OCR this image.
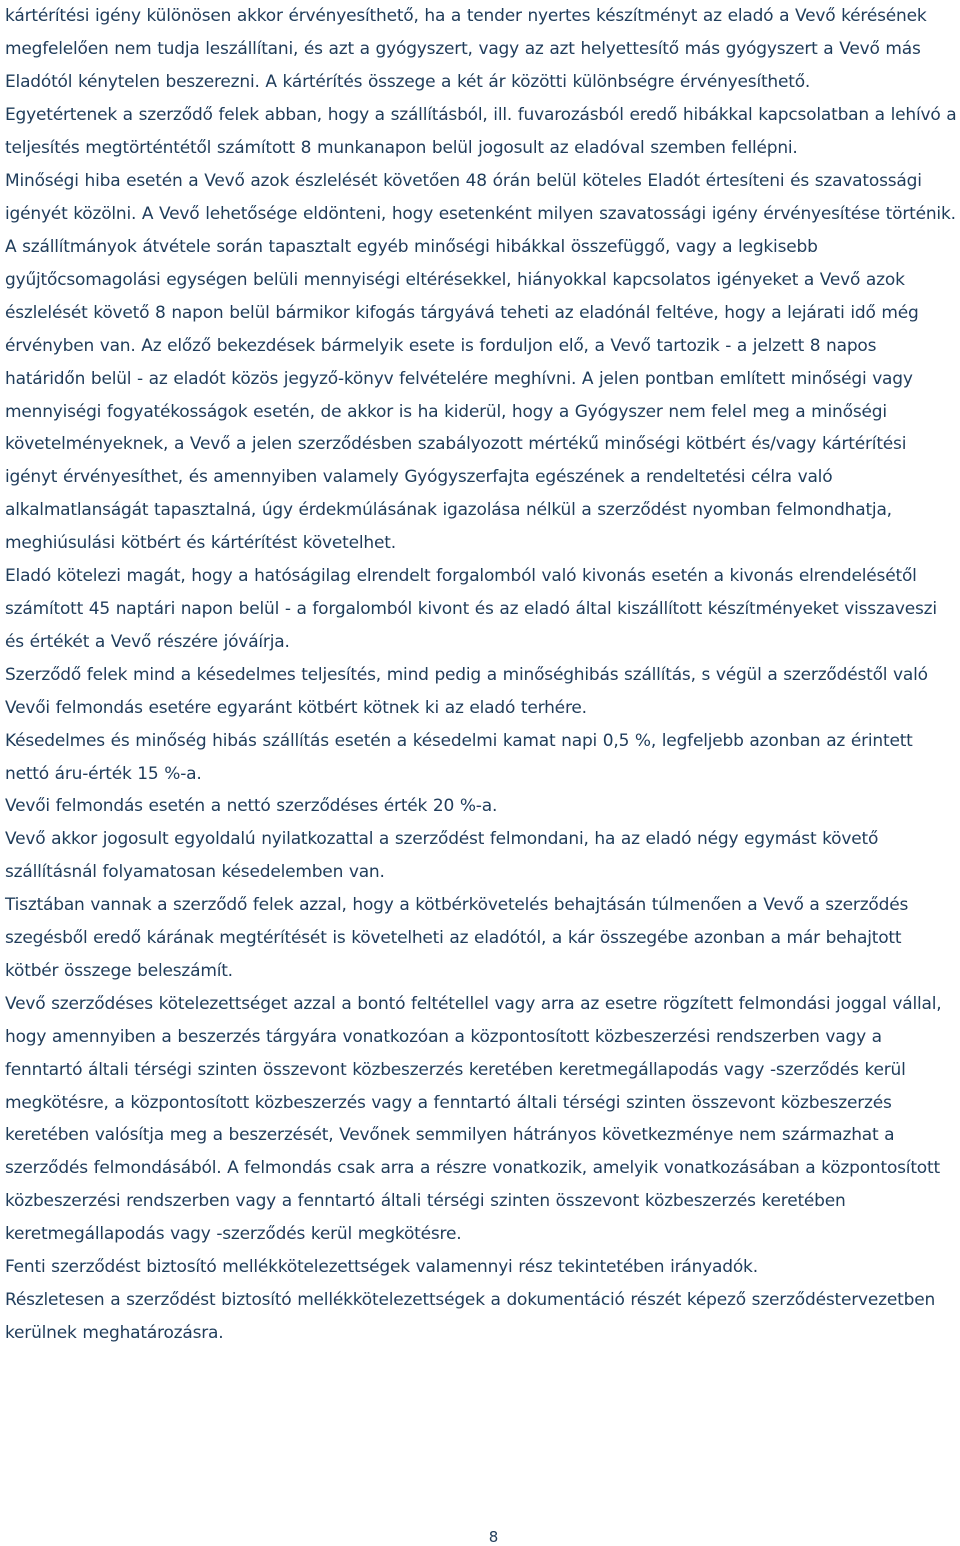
kártérítési igény különösen akkor érvényesíthető, ha a tender nyertes készítményt az eladó a Vevő kérésének megfelelően nem tudja leszállítani, és azt a gyógyszert, vagy az azt helyettesítő más gyógyszert a Vevő más Eladótól kénytelen beszerezni. A kártérítés összege a két ár közötti különbségre érvényesíthető.

Egyetértenek a szerződő felek abban, hogy a szállításból, ill. fuvarozásból eredő hibákkal kapcsolatban a lehívó a teljesítés megtörténtétől számított 8 munkanapon belül jogosult az eladóval szemben fellépni.

Minőségi hiba esetén a Vevő azok észlelését követően 48 órán belül köteles Eladót értesíteni és szavatossági igényét közölni. A Vevő lehetősége eldönteni, hogy esetenként milyen szavatossági igény érvényesítése történik.

A szállítmányok átvétele során tapasztalt egyéb minőségi hibákkal összefüggő, vagy a legkisebb gyűjtőcsomagolási egységen belüli mennyiségi eltérésekkel, hiányokkal kapcsolatos igényeket a Vevő azok észlelését követő 8 napon belül bármikor kifogás tárgyává teheti az eladónál feltéve, hogy a lejárati idő még érvényben van. Az előző bekezdések bármelyik esete is forduljon elő, a Vevő tartozik - a jelzett 8 napos határidőn belül - az eladót közös jegyző-könyv felvételére meghívni. A jelen pontban említett minőségi vagy mennyiségi fogyatékosságok esetén, de akkor is ha kiderül, hogy a Gyógyszer nem felel meg a minőségi követelményeknek, a Vevő a jelen szerződésben szabályozott mértékű minőségi kötbért és/vagy kártérítési igényt érvényesíthet, és amennyiben valamely Gyógyszerfajta egészének a rendeltetési célra való alkalmatlanságát tapasztalná, úgy érdekmúlásának igazolása nélkül a szerződést nyomban felmondhatja, meghiúsulási kötbért és kártérítést követelhet.

Eladó kötelezi magát, hogy a hatóságilag elrendelt forgalomból való kivonás esetén a kivonás elrendelésétől számított 45 naptári napon belül - a forgalomból kivont és az eladó által kiszállított készítményeket visszaveszi és értékét a Vevő részére jóváírja.

Szerződő felek mind a késedelmes teljesítés, mind pedig a minőséghibás szállítás, s végül a szerződéstől való Vevői felmondás esetére egyaránt kötbért kötnek ki az eladó terhére.

Késedelmes és minőség hibás szállítás esetén a késedelmi kamat napi 0,5 %, legfeljebb azonban az érintett nettó áru-érték 15 %-a.

Vevői felmondás esetén a nettó szerződéses érték 20 %-a.

Vevő akkor jogosult egyoldalú nyilatkozattal a szerződést felmondani, ha az eladó négy egymást követő szállításnál folyamatosan késedelemben van.

Tisztában vannak a szerződő felek azzal, hogy a kötbérkövetelés behajtásán túlmenően a Vevő a szerződés szegésből eredő kárának megtérítését is követelheti az eladótól, a kár összegébe azonban a már behajtott kötbér összege beleszámít.

Vevő szerződéses kötelezettséget azzal a bontó feltétellel vagy arra az esetre rögzített felmondási joggal vállal, hogy amennyiben a beszerzés tárgyára vonatkozóan a központosított közbeszerzési rendszerben vagy a fenntartó általi térségi szinten összevont közbeszerzés keretében keretmegállapodás vagy -szerződés kerül megkötésre, a központosított közbeszerzés vagy a fenntartó általi térségi szinten összevont közbeszerzés keretében valósítja meg a beszerzését, Vevőnek semmilyen hátrányos következménye nem származhat a szerződés felmondásából. A felmondás csak arra a részre vonatkozik, amelyik vonatkozásában a központosított közbeszerzési rendszerben vagy a fenntartó általi térségi szinten összevont közbeszerzés keretében keretmegállapodás vagy -szerződés kerül megkötésre.

Fenti szerződést biztosító mellékkötelezettségek valamennyi rész tekintetében irányadók.

Részletesen a szerződést biztosító mellékkötelezettségek a dokumentáció részét képező szerződéstervezetben kerülnek meghatározásra.

8
